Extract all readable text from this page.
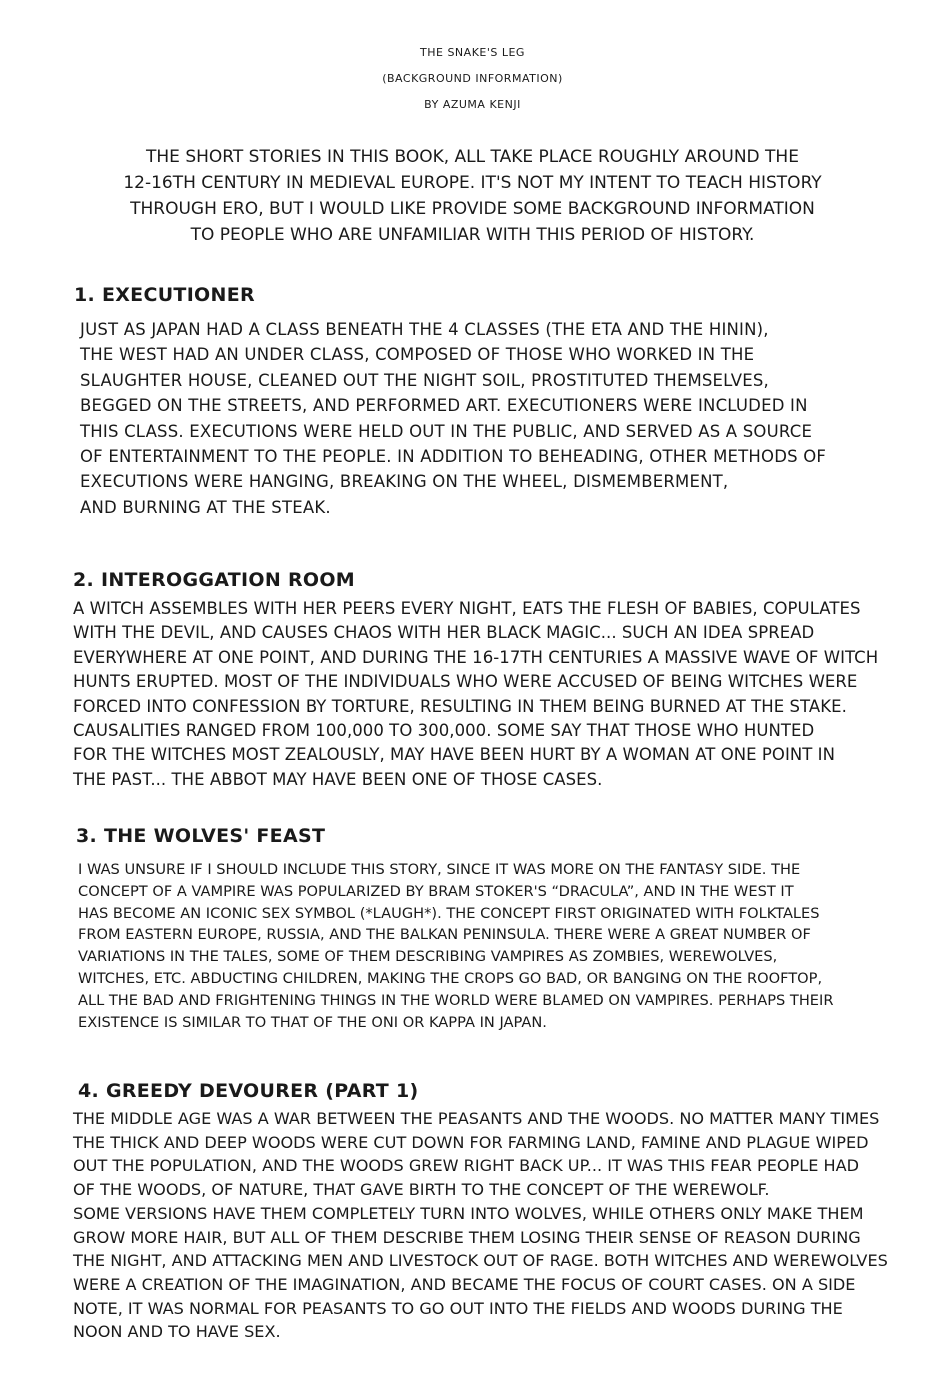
THE SNAKE'S LEG
(BACKGROUND INFORMATION)
BY AZUMA KENJI
THE SHORT STORIES IN THIS BOOK, ALL TAKE PLACE ROUGHLY AROUND THE
12-16TH CENTURY IN MEDIEVAL EUROPE. IT'S NOT MY INTENT TO TEACH HISTORY
THROUGH ERO, BUT I WOULD LIKE PROVIDE SOME BACKGROUND INFORMATION
TO PEOPLE WHO ARE UNFAMILIAR WITH THIS PERIOD OF HISTORY.
1. EXECUTIONER
JUST AS JAPAN HAD A CLASS BENEATH THE 4 CLASSES (THE ETA AND THE HININ),
THE WEST HAD AN UNDER CLASS, COMPOSED OF THOSE WHO WORKED IN THE
SLAUGHTER HOUSE, CLEANED OUT THE NIGHT SOIL, PROSTITUTED THEMSELVES,
BEGGED ON THE STREETS, AND PERFORMED ART. EXECUTIONERS WERE INCLUDED IN
THIS CLASS. EXECUTIONS WERE HELD OUT IN THE PUBLIC, AND SERVED AS A SOURCE
OF ENTERTAINMENT TO THE PEOPLE. IN ADDITION TO BEHEADING, OTHER METHODS OF
EXECUTIONS WERE HANGING, BREAKING ON THE WHEEL, DISMEMBERMENT,
AND BURNING AT THE STEAK.
2. INTEROGGATION ROOM
A WITCH ASSEMBLES WITH HER PEERS EVERY NIGHT, EATS THE FLESH OF BABIES, COPULATES
WITH THE DEVIL, AND CAUSES CHAOS WITH HER BLACK MAGIC... SUCH AN IDEA SPREAD
EVERYWHERE AT ONE POINT, AND DURING THE 16-17TH CENTURIES A MASSIVE WAVE OF WITCH
HUNTS ERUPTED. MOST OF THE INDIVIDUALS WHO WERE ACCUSED OF BEING WITCHES WERE
FORCED INTO CONFESSION BY TORTURE, RESULTING IN THEM BEING BURNED AT THE STAKE.
CAUSALITIES RANGED FROM 100,000 TO 300,000. SOME SAY THAT THOSE WHO HUNTED
FOR THE WITCHES MOST ZEALOUSLY, MAY HAVE BEEN HURT BY A WOMAN AT ONE POINT IN
THE PAST... THE ABBOT MAY HAVE BEEN ONE OF THOSE CASES.
3. THE WOLVES' FEAST
I WAS UNSURE IF I SHOULD INCLUDE THIS STORY, SINCE IT WAS MORE ON THE FANTASY SIDE. THE
CONCEPT OF A VAMPIRE WAS POPULARIZED BY BRAM STOKER'S “DRACULA”, AND IN THE WEST IT
HAS BECOME AN ICONIC SEX SYMBOL (*LAUGH*). THE CONCEPT FIRST ORIGINATED WITH FOLKTALES
FROM EASTERN EUROPE, RUSSIA, AND THE BALKAN PENINSULA. THERE WERE A GREAT NUMBER OF
VARIATIONS IN THE TALES, SOME OF THEM DESCRIBING VAMPIRES AS ZOMBIES, WEREWOLVES,
WITCHES, ETC. ABDUCTING CHILDREN, MAKING THE CROPS GO BAD, OR BANGING ON THE ROOFTOP,
ALL THE BAD AND FRIGHTENING THINGS IN THE WORLD WERE BLAMED ON VAMPIRES. PERHAPS THEIR
EXISTENCE IS SIMILAR TO THAT OF THE ONI OR KAPPA IN JAPAN.
4. GREEDY DEVOURER (PART 1)
THE MIDDLE AGE WAS A WAR BETWEEN THE PEASANTS AND THE WOODS. NO MATTER MANY TIMES
THE THICK AND DEEP WOODS WERE CUT DOWN FOR FARMING LAND, FAMINE AND PLAGUE WIPED
OUT THE POPULATION, AND THE WOODS GREW RIGHT BACK UP... IT WAS THIS FEAR PEOPLE HAD
OF THE WOODS, OF NATURE, THAT GAVE BIRTH TO THE CONCEPT OF THE WEREWOLF.
SOME VERSIONS HAVE THEM COMPLETELY TURN INTO WOLVES, WHILE OTHERS ONLY MAKE THEM
GROW MORE HAIR, BUT ALL OF THEM DESCRIBE THEM LOSING THEIR SENSE OF REASON DURING
THE NIGHT, AND ATTACKING MEN AND LIVESTOCK OUT OF RAGE. BOTH WITCHES AND WEREWOLVES
WERE A CREATION OF THE IMAGINATION, AND BECAME THE FOCUS OF COURT CASES. ON A SIDE
NOTE, IT WAS NORMAL FOR PEASANTS TO GO OUT INTO THE FIELDS AND WOODS DURING THE
NOON AND TO HAVE SEX.
